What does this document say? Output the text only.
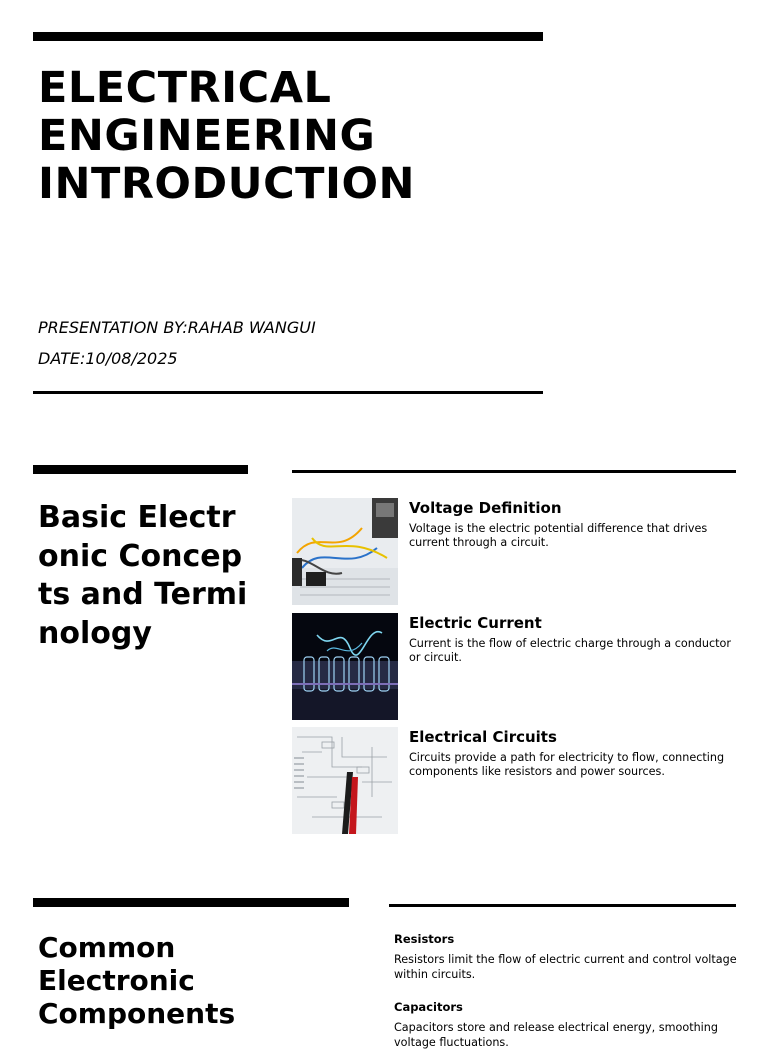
ELECTRICAL ENGINEERING INTRODUCTION

PRESENTATION BY:RAHAB WANGUI

DATE:10/08/2025

Basic Electronic Concepts and Terminology

Voltage Definition

Voltage is the electric potential difference that drives current through a circuit.

Electric Current

Current is the flow of electric charge through a conductor or circuit.

Electrical Circuits

Circuits provide a path for electricity to flow, connecting components like resistors and power sources.

Common Electronic Components

Resistors

Resistors limit the flow of electric current and control voltage within circuits.

Capacitors

Capacitors store and release electrical energy, smoothing voltage fluctuations.
